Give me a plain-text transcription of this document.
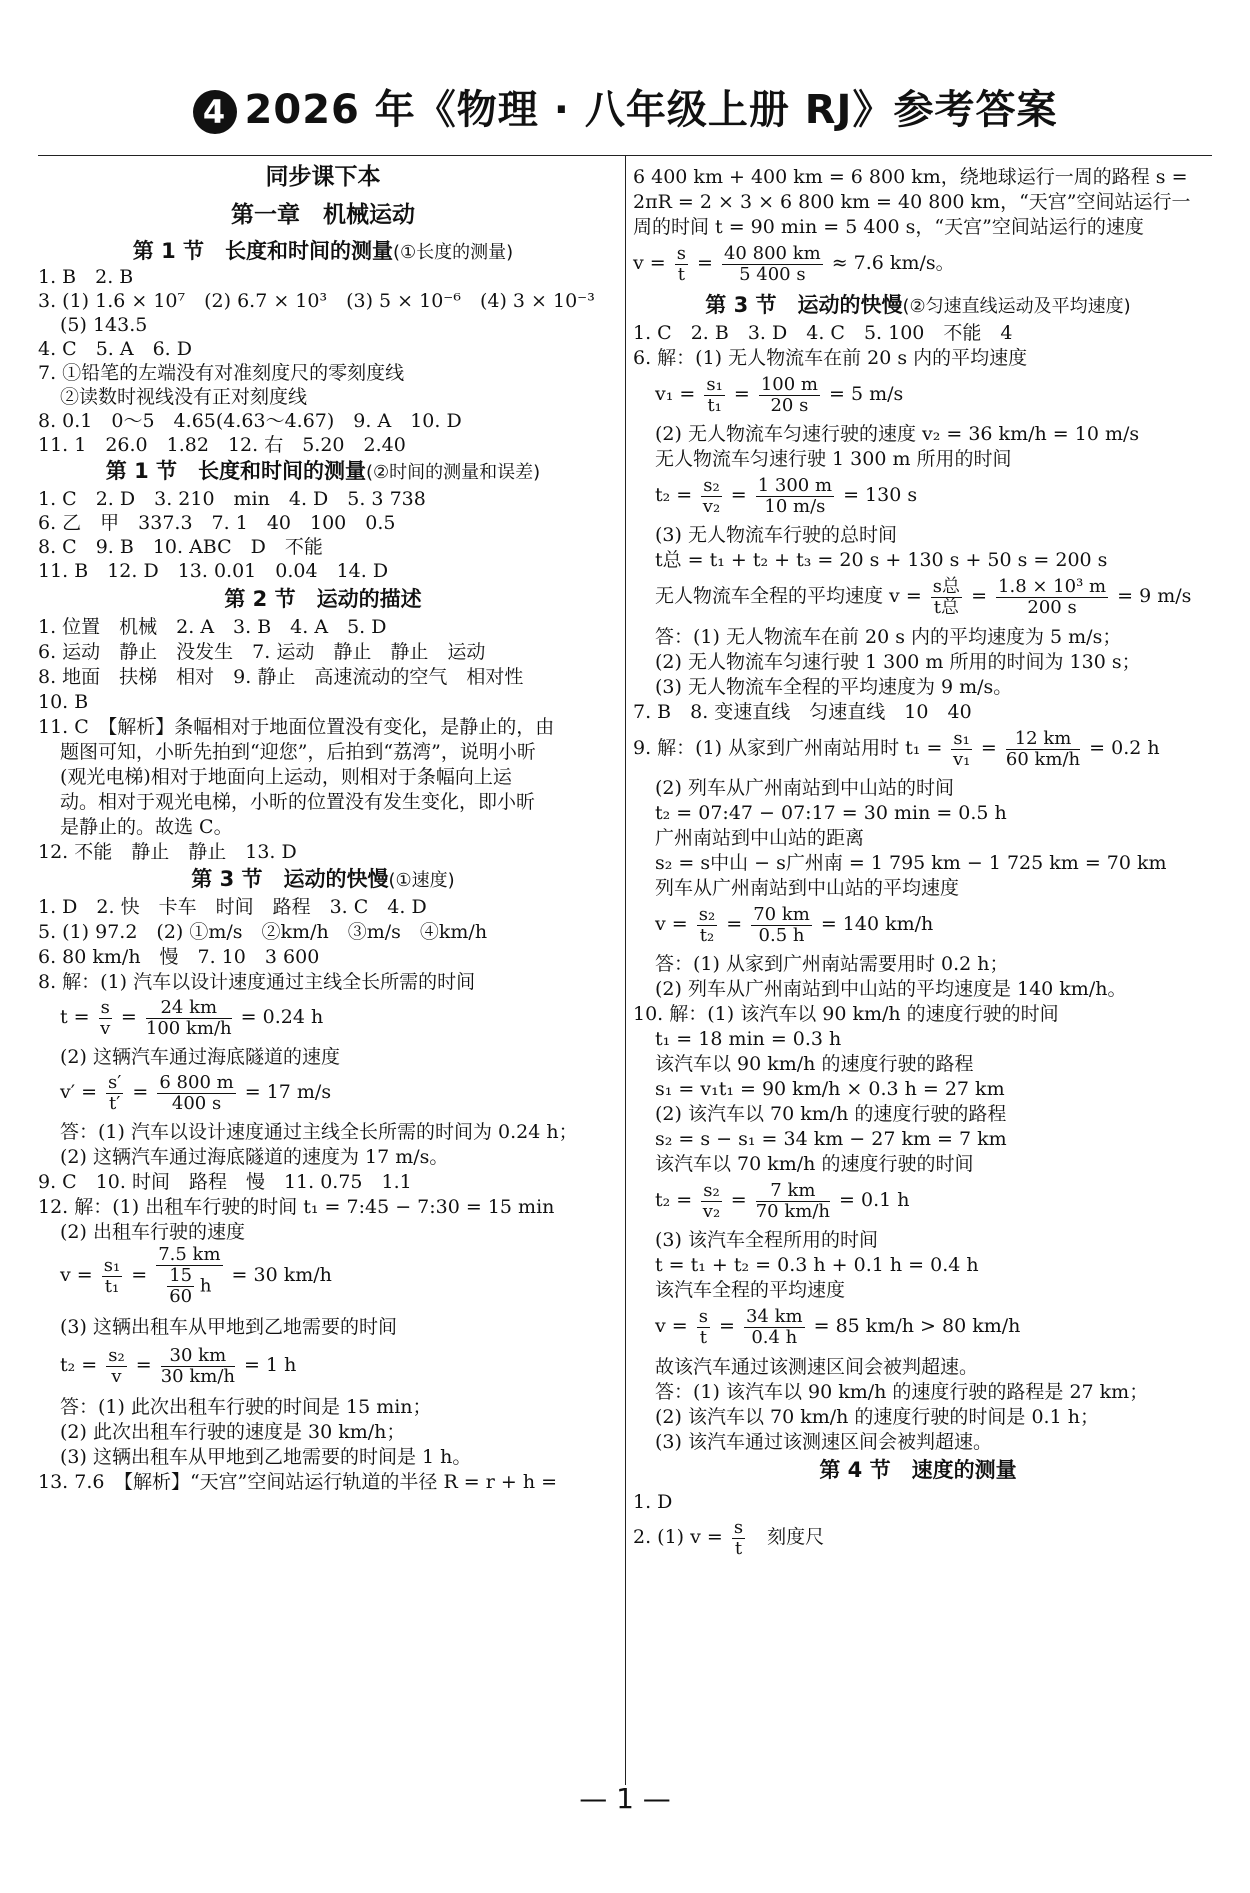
4 2026 年《物理 · 八年级上册 RJ》参考答案
同步课下本
第一章　机械运动
第 1 节　长度和时间的测量(①长度的测量)
1. B　2. B
3. (1) 1.6 × 10⁷　(2) 6.7 × 10³　(3) 5 × 10⁻⁶　(4) 3 × 10⁻³
(5) 143.5
4. C　5. A　6. D
7. ①铅笔的左端没有对准刻度尺的零刻度线
②读数时视线没有正对刻度线
8. 0.1　0～5　4.65(4.63～4.67)　9. A　10. D
11. 1　26.0　1.82　12. 右　5.20　2.40
第 1 节　长度和时间的测量(②时间的测量和误差)
1. C　2. D　3. 210　min　4. D　5. 3 738
6. 乙　甲　337.3　7. 1　40　100　0.5
8. C　9. B　10. ABC　D　不能
11. B　12. D　13. 0.01　0.04　14. D
第 2 节　运动的描述
1. 位置　机械　2. A　3. B　4. A　5. D
6. 运动　静止　没发生　7. 运动　静止　静止　运动
8. 地面　扶梯　相对　9. 静止　高速流动的空气　相对性
10. B
11. C　【解析】条幅相对于地面位置没有变化，是静止的，由
题图可知，小昕先拍到“迎您”，后拍到“荔湾”，说明小昕
(观光电梯)相对于地面向上运动，则相对于条幅向上运
动。相对于观光电梯，小昕的位置没有发生变化，即小昕
是静止的。故选 C。
12. 不能　静止　静止　13. D
第 3 节　运动的快慢(①速度)
1. D　2. 快　卡车　时间　路程　3. C　4. D
5. (1) 97.2　(2) ①m/s　②km/h　③m/s　④km/h
6. 80 km/h　慢　7. 10　3 600
8. 解：(1) 汽车以设计速度通过主线全长所需的时间
$t = \frac{s}{v} = \frac{24 km}{100 km/h} = 0.24$ h
(2) 这辆汽车通过海底隧道的速度
$v' = \frac{s'}{t'} = \frac{6 800 m}{400 s} = 17$ m/s
答：(1) 汽车以设计速度通过主线全长所需的时间为 0.24 h；
(2) 这辆汽车通过海底隧道的速度为 17 m/s。
9. C　10. 时间　路程　慢　11. 0.75　1.1
12. 解：(1) 出租车行驶的时间 t₁ = 7:45 − 7:30 = 15 min
(2) 出租车行驶的速度
$v = \frac{\text{s₁}}{\text{t₁}} = \frac{7.5 km}{\frac{15}{60} h} = 30$ km/h
(3) 这辆出租车从甲地到乙地需要的时间
$t_2 = \frac{\text{s₂}}{v} = \frac{30 km}{30 km/h} = 1$ h
答：(1) 此次出租车行驶的时间是 15 min；
(2) 此次出租车行驶的速度是 30 km/h；
(3) 这辆出租车从甲地到乙地需要的时间是 1 h。
13. 7.6　【解析】“天宫”空间站运行轨道的半径 R = r + h =
6 400 km + 400 km = 6 800 km，绕地球运行一周的路程 s =
2πR = 2 × 3 × 6 800 km = 40 800 km，“天宫”空间站运行一
周的时间 t = 90 min = 5 400 s，“天宫”空间站运行的速度
$v = \frac{s}{t} = \frac{40 800 km}{5 400 s} \approx 7.6$ km/s。
第 3 节　运动的快慢(②匀速直线运动及平均速度)
1. C　2. B　3. D　4. C　5. 100　不能　4
6. 解：(1) 无人物流车在前 20 s 内的平均速度
$v_1 = \frac{\text{s₁}}{\text{t₁}} = \frac{100 m}{20 s} = 5$ m/s
(2) 无人物流车匀速行驶的速度 v₂ = 36 km/h = 10 m/s
无人物流车匀速行驶 1 300 m 所用的时间
$t_2 = \frac{\text{s₂}}{\text{v₂}} = \frac{1 300 m}{10 m/s} = 130$ s
(3) 无人物流车行驶的总时间
t总 = t₁ + t₂ + t₃ = 20 s + 130 s + 50 s = 200 s
无人物流车全程的平均速度 $v = \frac{\text{s总}}{\text{t总}} = \frac{\text{1.8 × 10³ m}}{200 s} = 9$ m/s
答：(1) 无人物流车在前 20 s 内的平均速度为 5 m/s；
(2) 无人物流车匀速行驶 1 300 m 所用的时间为 130 s；
(3) 无人物流车全程的平均速度为 9 m/s。
7. B　8. 变速直线　匀速直线　10　40
9. 解：(1) 从家到广州南站用时 $t_1 = \frac{\text{s₁}}{\text{v₁}} = \frac{12 km}{60 km/h} = 0.2$ h
(2) 列车从广州南站到中山站的时间
t₂ = 07:47 − 07:17 = 30 min = 0.5 h
广州南站到中山站的距离
s₂ = s中山 − s广州南 = 1 795 km − 1 725 km = 70 km
列车从广州南站到中山站的平均速度
$v = \frac{\text{s₂}}{\text{t₂}} = \frac{70 km}{0.5 h} = 140$ km/h
答：(1) 从家到广州南站需要用时 0.2 h；
(2) 列车从广州南站到中山站的平均速度是 140 km/h。
10. 解：(1) 该汽车以 90 km/h 的速度行驶的时间
t₁ = 18 min = 0.3 h
该汽车以 90 km/h 的速度行驶的路程
s₁ = v₁t₁ = 90 km/h × 0.3 h = 27 km
(2) 该汽车以 70 km/h 的速度行驶的路程
s₂ = s − s₁ = 34 km − 27 km = 7 km
该汽车以 70 km/h 的速度行驶的时间
$t_2 = \frac{\text{s₂}}{\text{v₂}} = \frac{7 km}{70 km/h} = 0.1$ h
(3) 该汽车全程所用的时间
t = t₁ + t₂ = 0.3 h + 0.1 h = 0.4 h
该汽车全程的平均速度
$v = \frac{s}{t} = \frac{34 km}{0.4 h} = 85$ km/h > 80 km/h
故该汽车通过该测速区间会被判超速。
答：(1) 该汽车以 90 km/h 的速度行驶的路程是 27 km；
(2) 该汽车以 70 km/h 的速度行驶的时间是 0.1 h；
(3) 该汽车通过该测速区间会被判超速。
第 4 节　速度的测量
1. D
2. (1) $v = \frac{s}{t}$ 　刻度尺
— 1 —
